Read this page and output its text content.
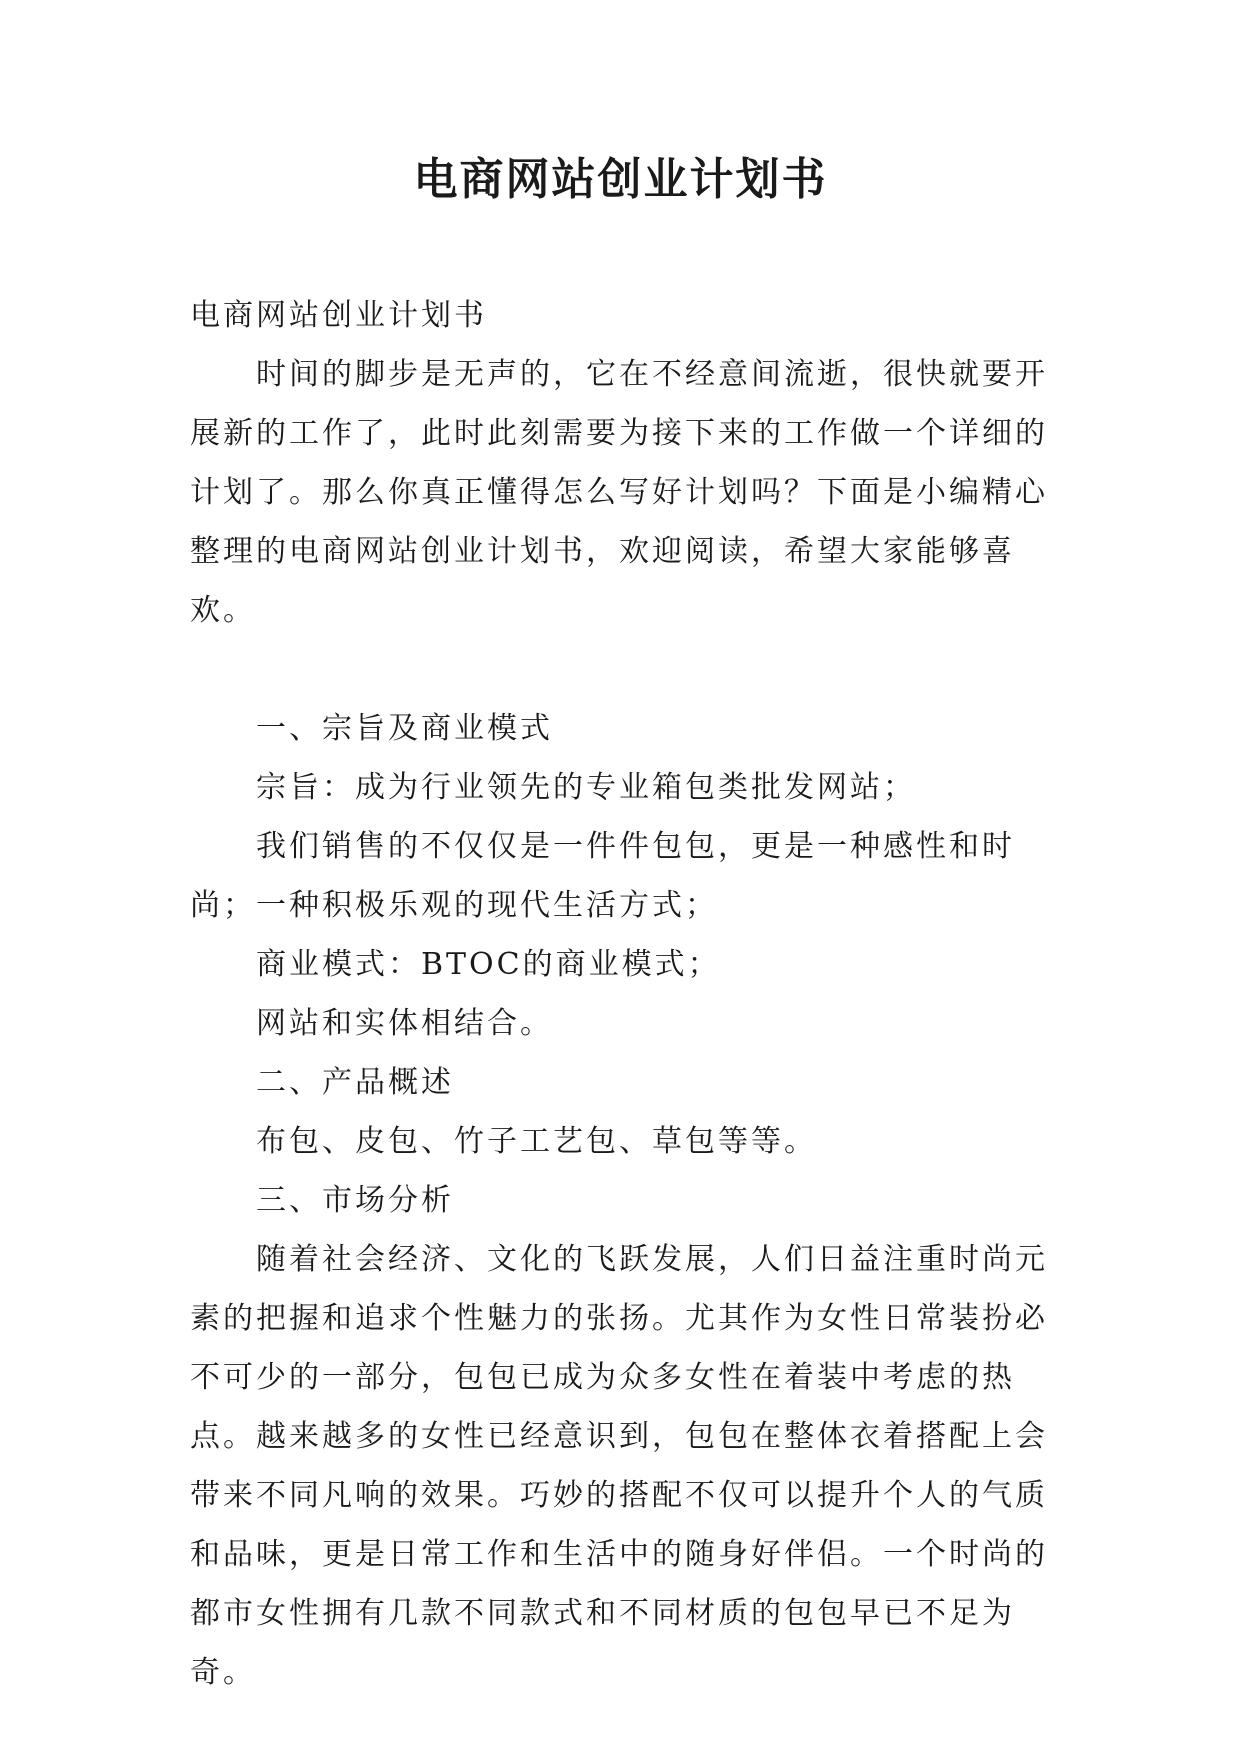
电商网站创业计划书

电商网站创业计划书

时间的脚步是无声的，它在不经意间流逝，很快就要开展新的工作了，此时此刻需要为接下来的工作做一个详细的计划了。那么你真正懂得怎么写好计划吗？下面是小编精心整理的电商网站创业计划书，欢迎阅读，希望大家能够喜欢。

一、宗旨及商业模式

宗旨：成为行业领先的专业箱包类批发网站；

我们销售的不仅仅是一件件包包，更是一种感性和时尚；一种积极乐观的现代生活方式；

商业模式：BTOC的商业模式；

网站和实体相结合。

二、产品概述

布包、皮包、竹子工艺包、草包等等。

三、市场分析

随着社会经济、文化的飞跃发展，人们日益注重时尚元素的把握和追求个性魅力的张扬。尤其作为女性日常装扮必不可少的一部分，包包已成为众多女性在着装中考虑的热点。越来越多的女性已经意识到，包包在整体衣着搭配上会带来不同凡响的效果。巧妙的搭配不仅可以提升个人的气质和品味，更是日常工作和生活中的随身好伴侣。一个时尚的都市女性拥有几款不同款式和不同材质的包包早已不足为奇。
